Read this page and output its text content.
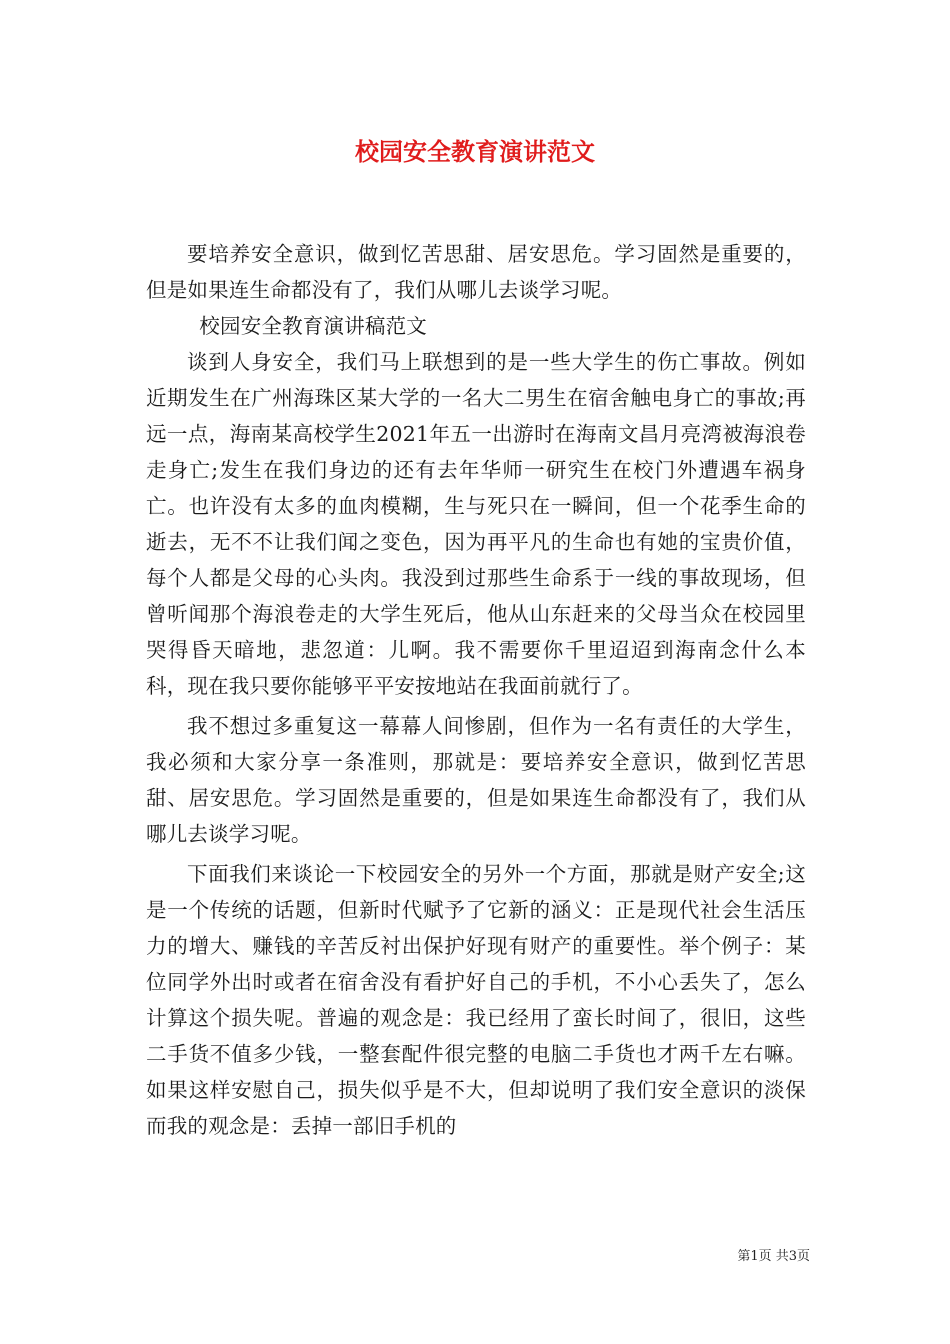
校园安全教育演讲范文

要培养安全意识，做到忆苦思甜、居安思危。学习固然是重要的，但是如果连生命都没有了，我们从哪儿去谈学习呢。

校园安全教育演讲稿范文

谈到人身安全，我们马上联想到的是一些大学生的伤亡事故。例如近期发生在广州海珠区某大学的一名大二男生在宿舍触电身亡的事故;再远一点，海南某高校学生2021年五一出游时在海南文昌月亮湾被海浪卷走身亡;发生在我们身边的还有去年华师一研究生在校门外遭遇车祸身亡。也许没有太多的血肉模糊，生与死只在一瞬间，但一个花季生命的逝去，无不不让我们闻之变色，因为再平凡的生命也有她的宝贵价值，每个人都是父母的心头肉。我没到过那些生命系于一线的事故现场，但曾听闻那个海浪卷走的大学生死后，他从山东赶来的父母当众在校园里哭得昏天暗地，悲忽道：儿啊。我不需要你千里迢迢到海南念什么本科，现在我只要你能够平平安按地站在我面前就行了。

我不想过多重复这一幕幕人间惨剧，但作为一名有责任的大学生，我必须和大家分享一条准则，那就是：要培养安全意识，做到忆苦思甜、居安思危。学习固然是重要的，但是如果连生命都没有了，我们从哪儿去谈学习呢。

下面我们来谈论一下校园安全的另外一个方面，那就是财产安全;这是一个传统的话题，但新时代赋予了它新的涵义：正是现代社会生活压力的增大、赚钱的辛苦反衬出保护好现有财产的重要性。举个例子：某位同学外出时或者在宿舍没有看护好自己的手机，不小心丢失了，怎么计算这个损失呢。普遍的观念是：我已经用了蛮长时间了，很旧，这些二手货不值多少钱，一整套配件很完整的电脑二手货也才两千左右嘛。如果这样安慰自己，损失似乎是不大，但却说明了我们安全意识的淡保而我的观念是：丢掉一部旧手机的

第1页 共3页
